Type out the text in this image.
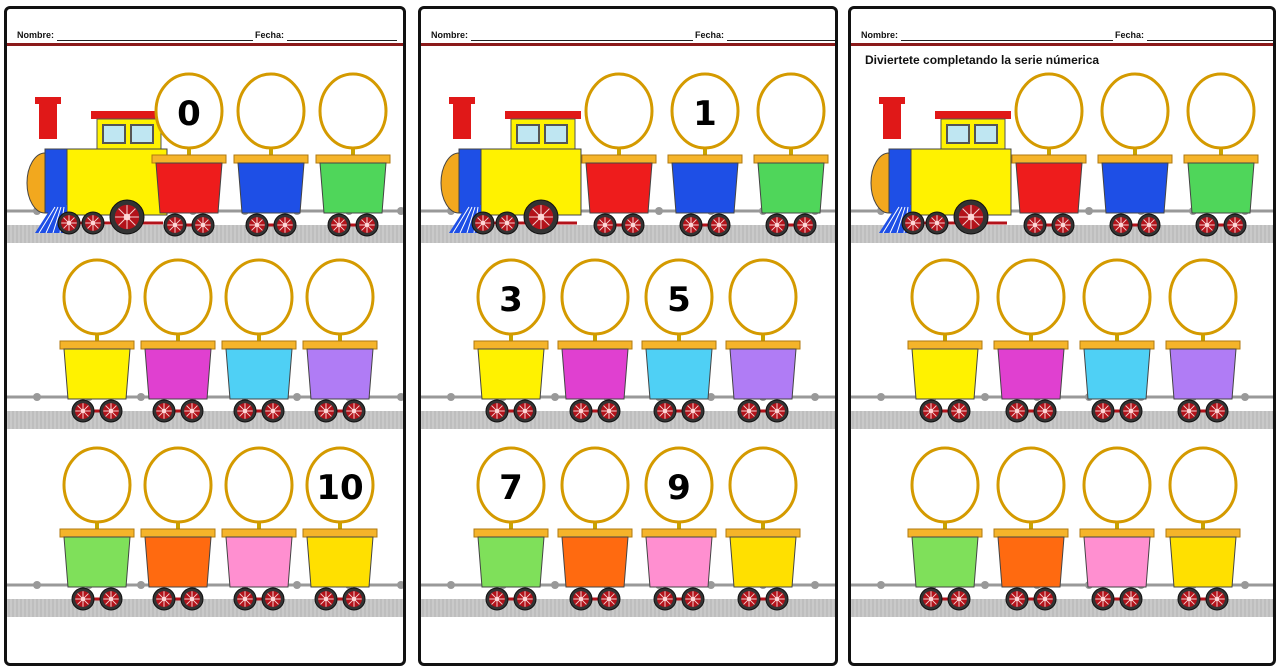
Nombre:	Fecha:
0
10
Nombre:	Fecha:
1
3	5
7	9
Nombre:	Fecha:
Diviertete completando la serie númerica
